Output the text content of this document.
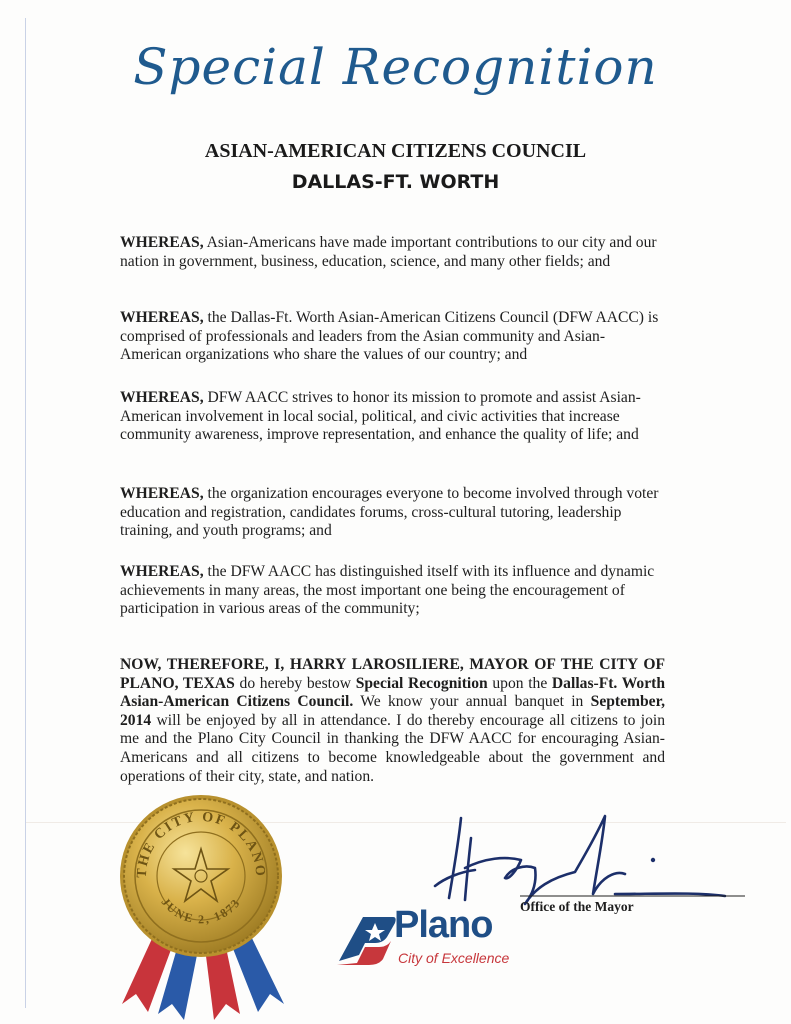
Special Recognition
ASIAN-AMERICAN CITIZENS COUNCIL
DALLAS-FT. WORTH

WHEREAS, Asian-Americans have made important contributions to our city and our nation in government, business, education, science, and many other fields; and

WHEREAS, the Dallas-Ft. Worth Asian-American Citizens Council (DFW AACC) is comprised of professionals and leaders from the Asian community and Asian-American organizations who share the values of our country; and

WHEREAS, DFW AACC strives to honor its mission to promote and assist Asian-American involvement in local social, political, and civic activities that increase community awareness, improve representation, and enhance the quality of life; and

WHEREAS, the organization encourages everyone to become involved through voter education and registration, candidates forums, cross-cultural tutoring, leadership training, and youth programs; and

WHEREAS, the DFW AACC has distinguished itself with its influence and dynamic achievements in many areas, the most important one being the encouragement of participation in various areas of the community;

NOW, THEREFORE, I, HARRY LAROSILIERE, MAYOR OF THE CITY OF PLANO, TEXAS do hereby bestow Special Recognition upon the Dallas-Ft. Worth Asian-American Citizens Council. We know your annual banquet in September, 2014 will be enjoyed by all in attendance. I do thereby encourage all citizens to join me and the Plano City Council in thanking the DFW AACC for encouraging Asian-Americans and all citizens to become knowledgeable about the government and operations of their city, state, and nation.

THE CITY OF PLANO
JUNE 2, 1873
Plano
City of Excellence
Office of the Mayor
